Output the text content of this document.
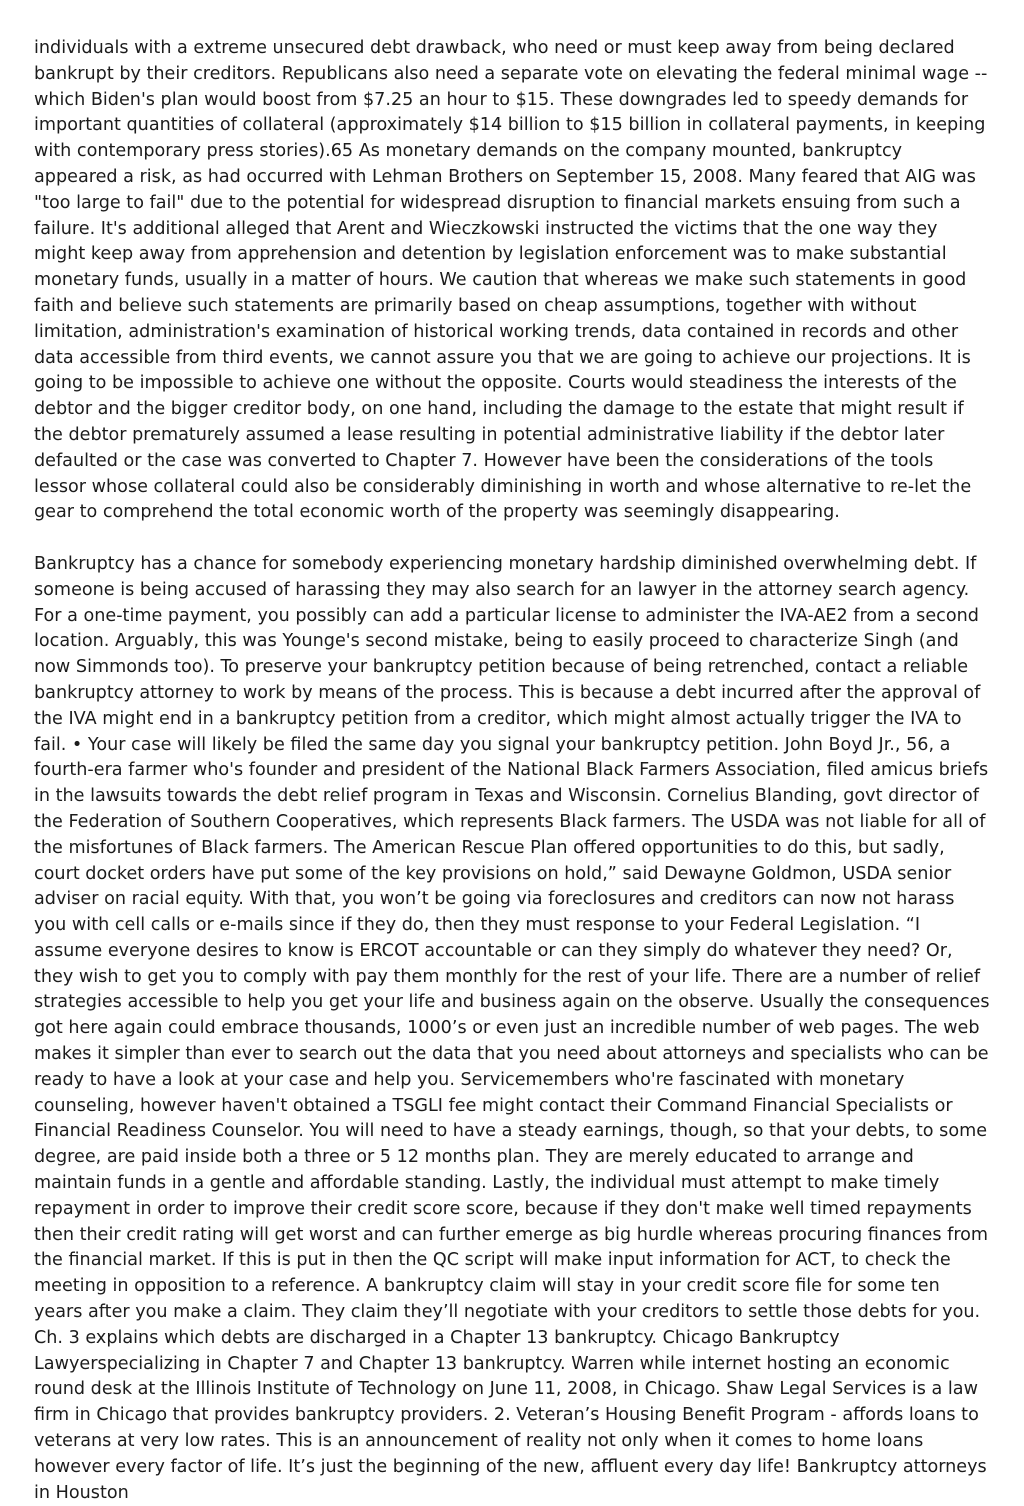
individuals with a extreme unsecured debt drawback, who need or must keep away from being declared bankrupt by their creditors. Republicans also need a separate vote on elevating the federal minimal wage -- which Biden's plan would boost from $7.25 an hour to $15. These downgrades led to speedy demands for important quantities of collateral (approximately $14 billion to $15 billion in collateral payments, in keeping with contemporary press stories).65 As monetary demands on the company mounted, bankruptcy appeared a risk, as had occurred with Lehman Brothers on September 15, 2008. Many feared that AIG was "too large to fail" due to the potential for widespread disruption to financial markets ensuing from such a failure. It's additional alleged that Arent and Wieczkowski instructed the victims that the one way they might keep away from apprehension and detention by legislation enforcement was to make substantial monetary funds, usually in a matter of hours. We caution that whereas we make such statements in good faith and believe such statements are primarily based on cheap assumptions, together with without limitation, administration's examination of historical working trends, data contained in records and other data accessible from third events, we cannot assure you that we are going to achieve our projections. It is going to be impossible to achieve one without the opposite. Courts would steadiness the interests of the debtor and the bigger creditor body, on one hand, including the damage to the estate that might result if the debtor prematurely assumed a lease resulting in potential administrative liability if the debtor later defaulted or the case was converted to Chapter 7. However have been the considerations of the tools lessor whose collateral could also be considerably diminishing in worth and whose alternative to re-let the gear to comprehend the total economic worth of the property was seemingly disappearing.

Bankruptcy has a chance for somebody experiencing monetary hardship diminished overwhelming debt. If someone is being accused of harassing they may also search for an lawyer in the attorney search agency. For a one-time payment, you possibly can add a particular license to administer the IVA-AE2 from a second location. Arguably, this was Younge's second mistake, being to easily proceed to characterize Singh (and now Simmonds too). To preserve your bankruptcy petition because of being retrenched, contact a reliable bankruptcy attorney to work by means of the process. This is because a debt incurred after the approval of the IVA might end in a bankruptcy petition from a creditor, which might almost actually trigger the IVA to fail. • Your case will likely be filed the same day you signal your bankruptcy petition. John Boyd Jr., 56, a fourth-era farmer who's founder and president of the National Black Farmers Association, filed amicus briefs in the lawsuits towards the debt relief program in Texas and Wisconsin. Cornelius Blanding, govt director of the Federation of Southern Cooperatives, which represents Black farmers. The USDA was not liable for all of the misfortunes of Black farmers. The American Rescue Plan offered opportunities to do this, but sadly, court docket orders have put some of the key provisions on hold,” said Dewayne Goldmon, USDA senior adviser on racial equity. With that, you won’t be going via foreclosures and creditors can now not harass you with cell calls or e-mails since if they do, then they must response to your Federal Legislation. “I assume everyone desires to know is ERCOT accountable or can they simply do whatever they need? Or, they wish to get you to comply with pay them monthly for the rest of your life. There are a number of relief strategies accessible to help you get your life and business again on the observe. Usually the consequences got here again could embrace thousands, 1000’s or even just an incredible number of web pages. The web makes it simpler than ever to search out the data that you need about attorneys and specialists who can be ready to have a look at your case and help you. Servicemembers who're fascinated with monetary counseling, however haven't obtained a TSGLI fee might contact their Command Financial Specialists or Financial Readiness Counselor. You will need to have a steady earnings, though, so that your debts, to some degree, are paid inside both a three or 5 12 months plan. They are merely educated to arrange and maintain funds in a gentle and affordable standing. Lastly, the individual must attempt to make timely repayment in order to improve their credit score score, because if they don't make well timed repayments then their credit rating will get worst and can further emerge as big hurdle whereas procuring finances from the financial market. If this is put in then the QC script will make input information for ACT, to check the meeting in opposition to a reference. A bankruptcy claim will stay in your credit score file for some ten years after you make a claim. They claim they’ll negotiate with your creditors to settle those debts for you. Ch. 3 explains which debts are discharged in a Chapter 13 bankruptcy. Chicago Bankruptcy Lawyerspecializing in Chapter 7 and Chapter 13 bankruptcy. Warren while internet hosting an economic round desk at the Illinois Institute of Technology on June 11, 2008, in Chicago. Shaw Legal Services is a law firm in Chicago that provides bankruptcy providers. 2. Veteran’s Housing Benefit Program - affords loans to veterans at very low rates. This is an announcement of reality not only when it comes to home loans however every factor of life. It’s just the beginning of the new, affluent every day life! Bankruptcy attorneys in Houston
